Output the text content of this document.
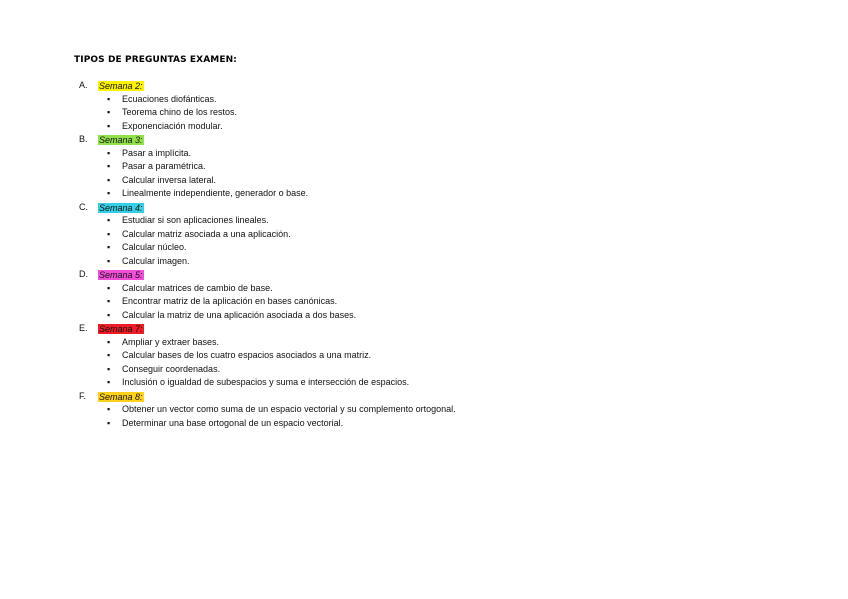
TIPOS DE PREGUNTAS EXAMEN:
A. Semana 2:
▪ Ecuaciones diofánticas.
▪ Teorema chino de los restos.
▪ Exponenciación modular.
B. Semana 3:
▪ Pasar a implícita.
▪ Pasar a paramétrica.
▪ Calcular inversa lateral.
▪ Linealmente independiente, generador o base.
C. Semana 4:
▪ Estudiar si son aplicaciones lineales.
▪ Calcular matriz asociada a una aplicación.
▪ Calcular núcleo.
▪ Calcular imagen.
D. Semana 5:
▪ Calcular matrices de cambio de base.
▪ Encontrar matriz de la aplicación en bases canónicas.
▪ Calcular la matriz de una aplicación asociada a dos bases.
E. Semana 7:
▪ Ampliar y extraer bases.
▪ Calcular bases de los cuatro espacios asociados a una matriz.
▪ Conseguir coordenadas.
▪ Inclusión o igualdad de subespacios y suma e intersección de espacios.
F. Semana 8:
▪ Obtener un vector como suma de un espacio vectorial y su complemento ortogonal.
▪ Determinar una base ortogonal de un espacio vectorial.
